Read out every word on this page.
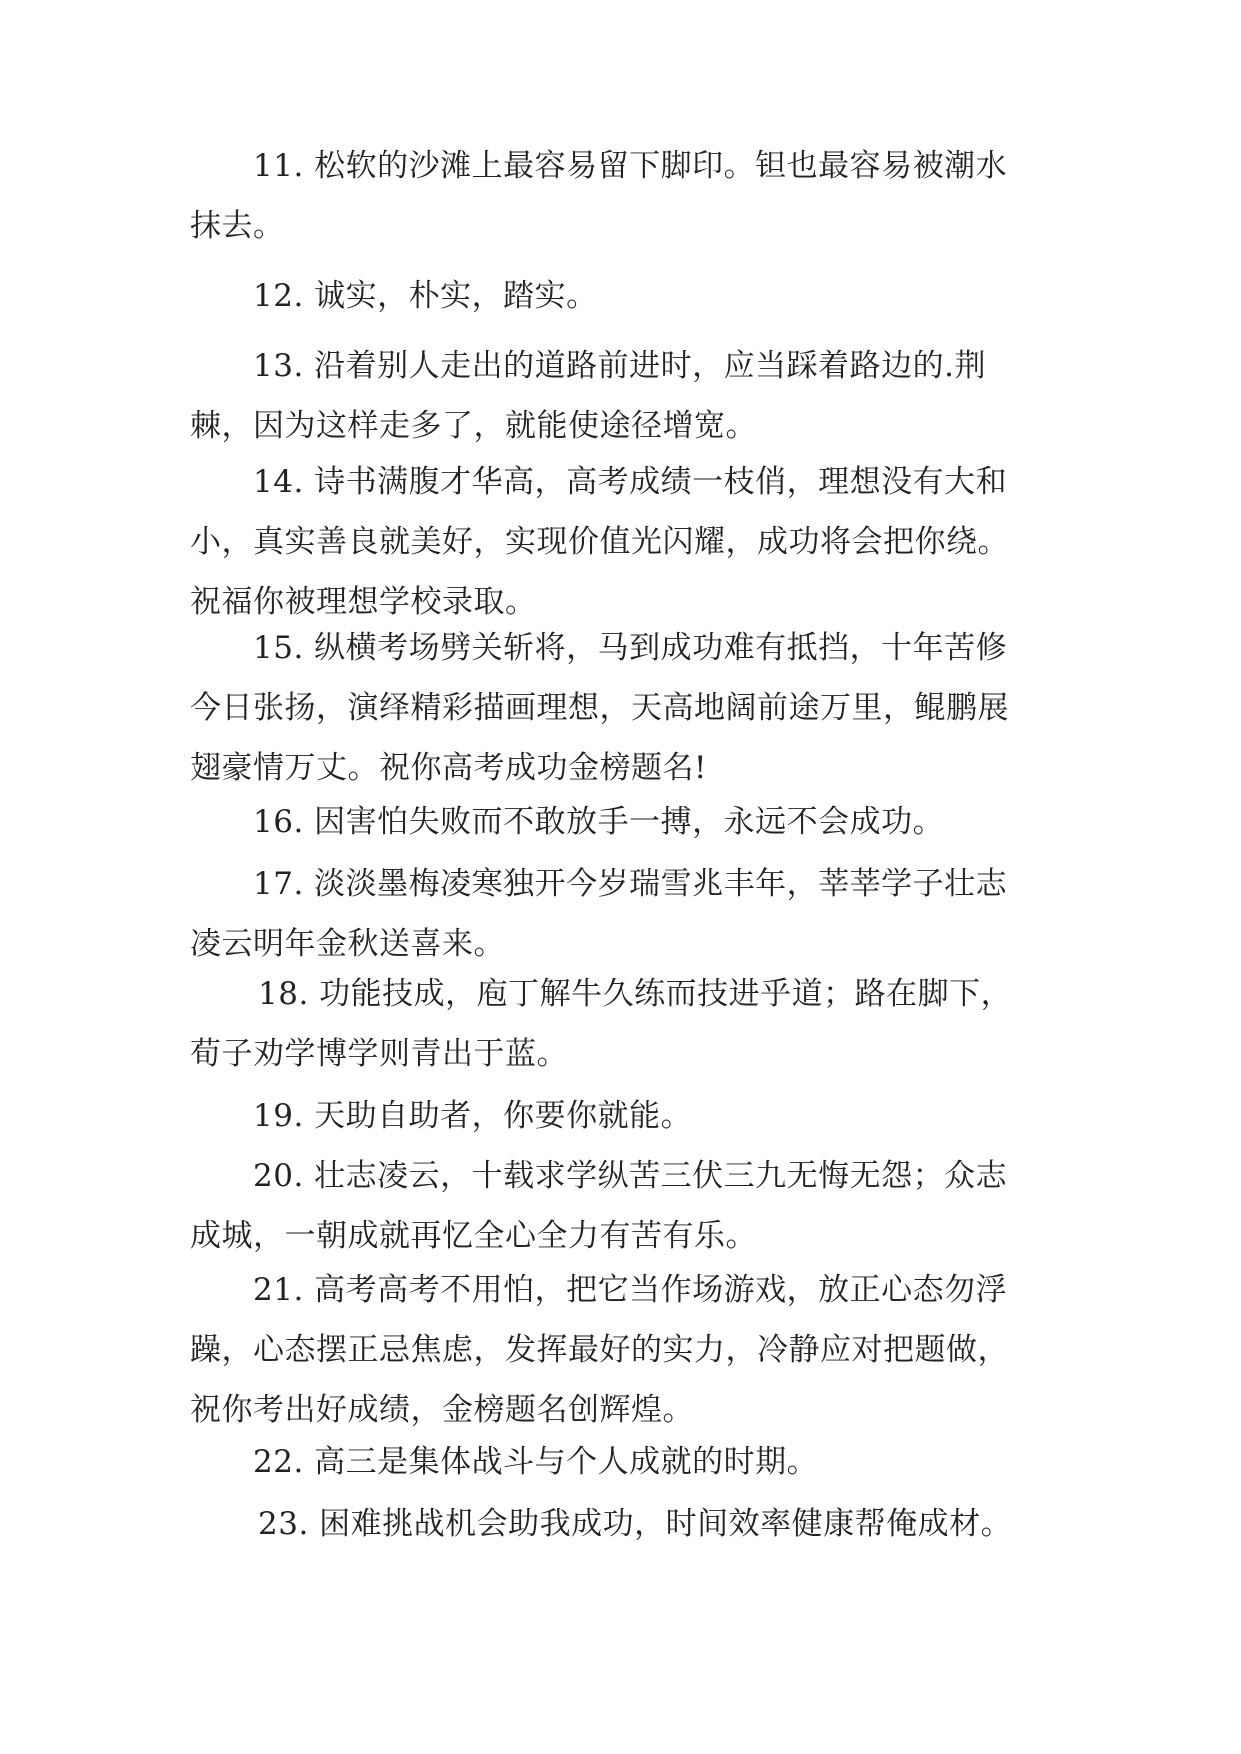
11. 松软的沙滩上最容易留下脚印。钽也最容易被潮水
抹去。
12. 诚实，朴实，踏实。
13. 沿着别人走出的道路前进时，应当踩着路边的.荆
棘，因为这样走多了，就能使途径增宽。
14. 诗书满腹才华高，高考成绩一枝俏，理想没有大和
小，真实善良就美好，实现价值光闪耀，成功将会把你绕。
祝福你被理想学校录取。
15. 纵横考场劈关斩将，马到成功难有抵挡，十年苦修
今日张扬，演绎精彩描画理想，天高地阔前途万里，鲲鹏展
翅豪情万丈。祝你高考成功金榜题名!
16. 因害怕失败而不敢放手一搏，永远不会成功。
17. 淡淡墨梅凌寒独开今岁瑞雪兆丰年，莘莘学子壮志
凌云明年金秋送喜来。
18. 功能技成，庖丁解牛久练而技进乎道；路在脚下，
荀子劝学博学则青出于蓝。
19. 天助自助者，你要你就能。
20. 壮志凌云，十载求学纵苦三伏三九无悔无怨；众志
成城，一朝成就再忆全心全力有苦有乐。
21. 高考高考不用怕，把它当作场游戏，放正心态勿浮
躁，心态摆正忌焦虑，发挥最好的实力，冷静应对把题做，
祝你考出好成绩，金榜题名创辉煌。
22. 高三是集体战斗与个人成就的时期。
23. 困难挑战机会助我成功，时间效率健康帮俺成材。
